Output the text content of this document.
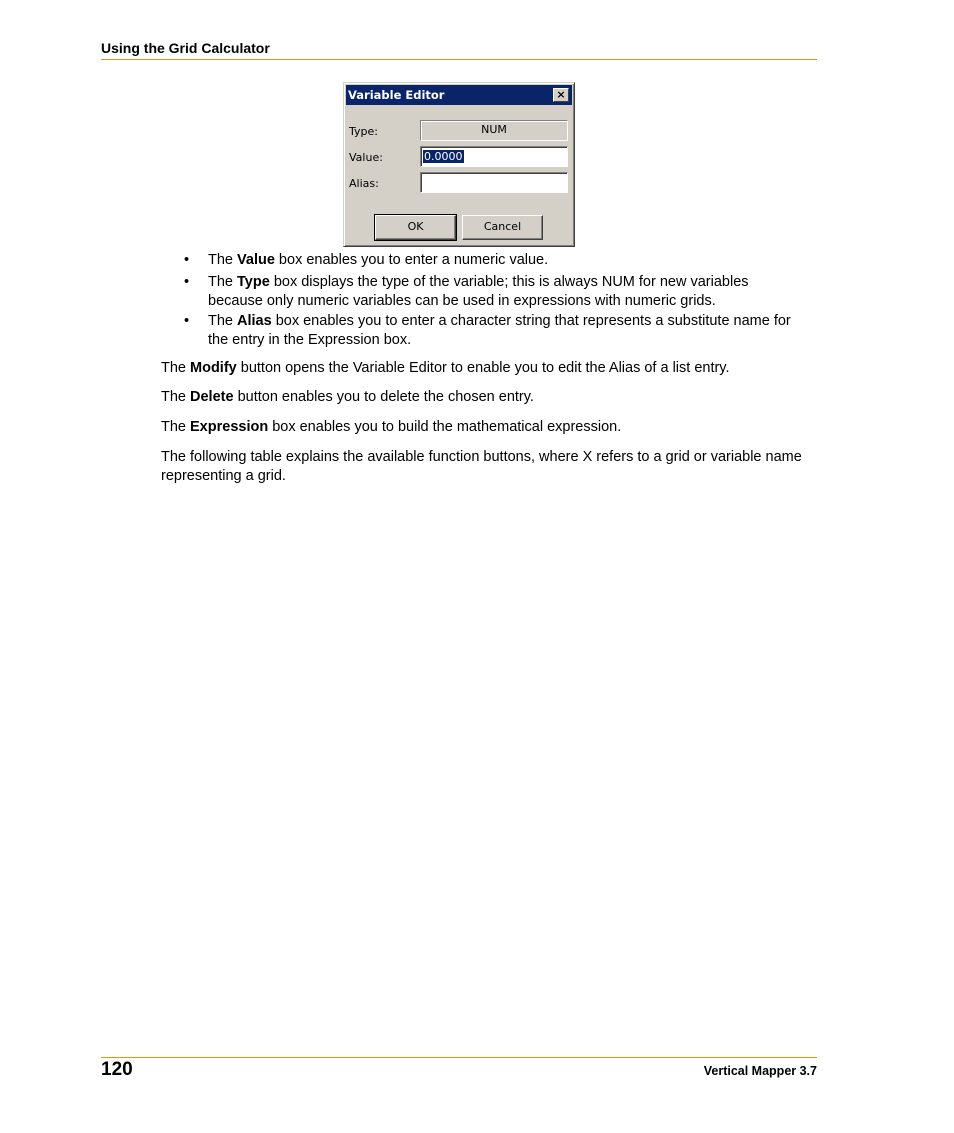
Using the Grid Calculator
Variable Editor	×
Type:	NUM
Value:	0.0000
Alias:
OK	Cancel
• The Value box enables you to enter a numeric value.
• The Type box displays the type of the variable; this is always NUM for new variables because only numeric variables can be used in expressions with numeric grids.
• The Alias box enables you to enter a character string that represents a substitute name for the entry in the Expression box.
The Modify button opens the Variable Editor to enable you to edit the Alias of a list entry.
The Delete button enables you to delete the chosen entry.
The Expression box enables you to build the mathematical expression.
The following table explains the available function buttons, where X refers to a grid or variable name representing a grid.
120	Vertical Mapper 3.7
